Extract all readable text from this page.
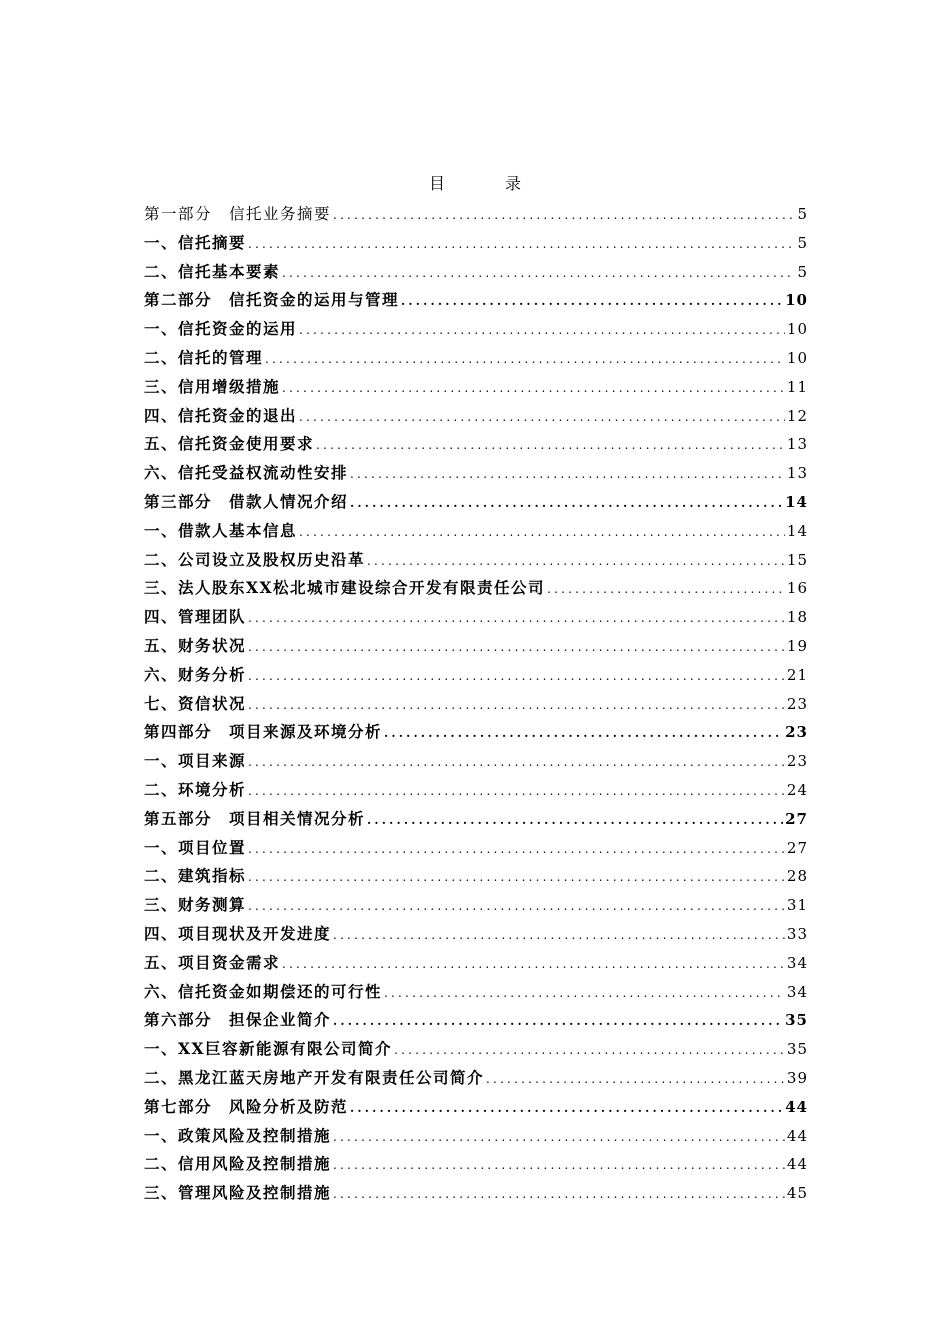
目　录
第一部分　信托业务摘要 .....	5
一、信托摘要 .....	5
二、信托基本要素 .....	5
第二部分　信托资金的运用与管理 .....	10
一、信托资金的运用 .....	10
二、信托的管理 .....	10
三、信用增级措施 .....	11
四、信托资金的退出 .....	12
五、信托资金使用要求 .....	13
六、信托受益权流动性安排 .....	13
第三部分　借款人情况介绍 .....	14
一、借款人基本信息 .....	14
二、公司设立及股权历史沿革 .....	15
三、法人股东XX松北城市建设综合开发有限责任公司 .....	16
四、管理团队 .....	18
五、财务状况 .....	19
六、财务分析 .....	21
七、资信状况 .....	23
第四部分　项目来源及环境分析 .....	23
一、项目来源 .....	23
二、环境分析 .....	24
第五部分　项目相关情况分析 .....	27
一、项目位置 .....	27
二、建筑指标 .....	28
三、财务测算 .....	31
四、项目现状及开发进度 .....	33
五、项目资金需求 .....	34
六、信托资金如期偿还的可行性 .....	34
第六部分　担保企业简介 .....	35
一、XX巨容新能源有限公司简介 .....	35
二、黑龙江蓝天房地产开发有限责任公司简介 .....	39
第七部分　风险分析及防范 .....	44
一、政策风险及控制措施 .....	44
二、信用风险及控制措施 .....	44
三、管理风险及控制措施 .....	45
